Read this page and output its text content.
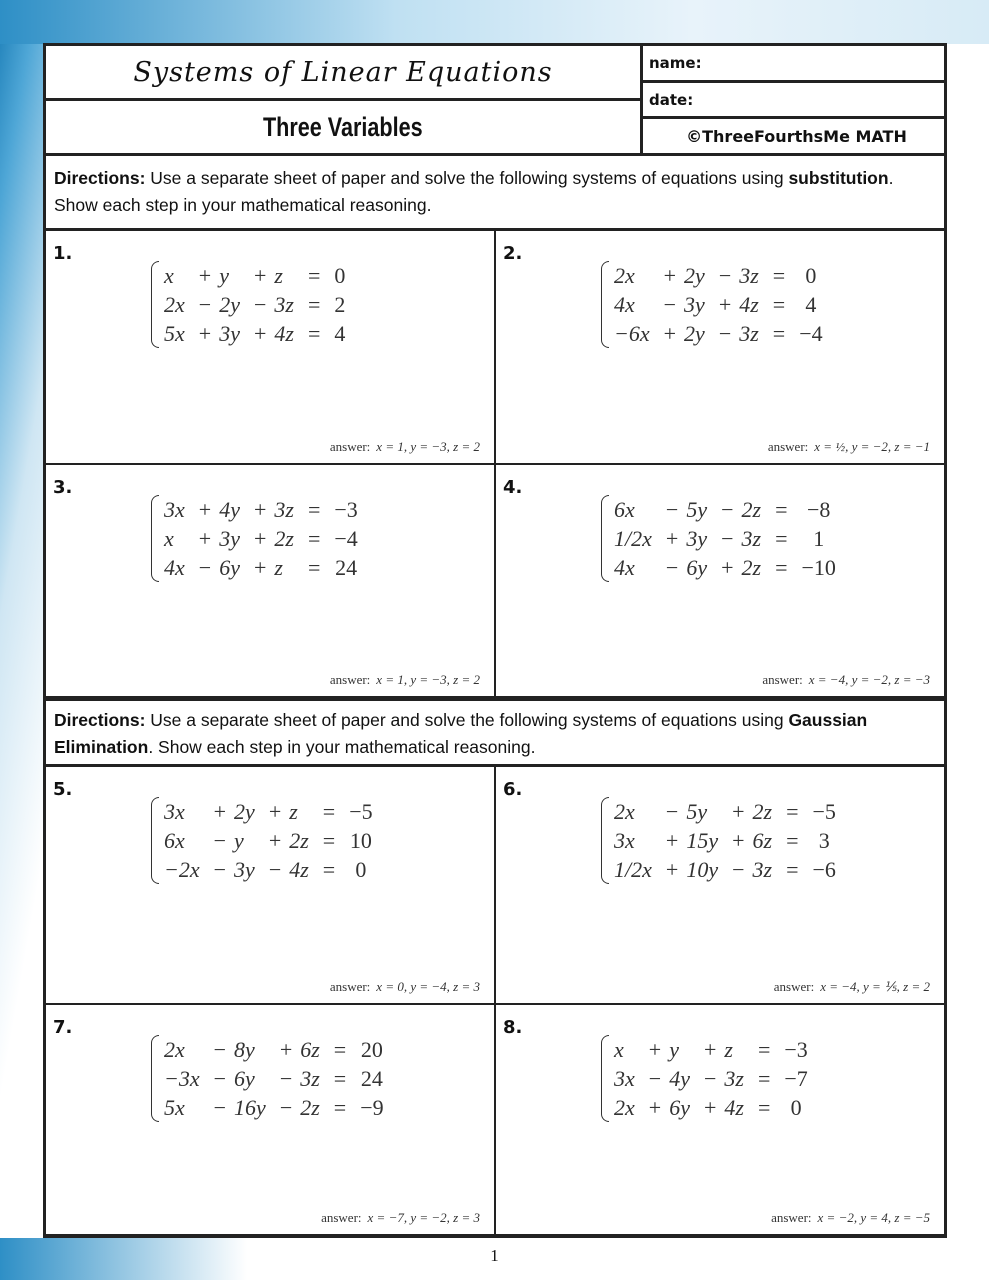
Systems of Linear Equations
Three Variables
name:
date:
©ThreeFourthsMe MATH
Directions: Use a separate sheet of paper and solve the following systems of equations using substitution. Show each step in your mathematical reasoning.
1.
x	+	y	+	z	=	0
2x	−	2y	−	3z	=	2
5x	+	3y	+	4z	=	4
answer: x = 1, y = −3, z = 2
2.
2x	+	2y	−	3z	=	0
4x	−	3y	+	4z	=	4
−6x	+	2y	−	3z	=	−4
answer: x = ½, y = −2, z = −1
3.
3x	+	4y	+	3z	=	−3
x	+	3y	+	2z	=	−4
4x	−	6y	+	z	=	24
answer: x = 1, y = −3, z = 2
4.
6x	−	5y	−	2z	=	−8
1/2x	+	3y	−	3z	=	1
4x	−	6y	+	2z	=	−10
answer: x = −4, y = −2, z = −3
Directions: Use a separate sheet of paper and solve the following systems of equations using Gaussian Elimination. Show each step in your mathematical reasoning.
5.
3x	+	2y	+	z	=	−5
6x	−	y	+	2z	=	10
−2x	−	3y	−	4z	=	0
answer: x = 0, y = −4, z = 3
6.
2x	−	5y	+	2z	=	−5
3x	+	15y	+	6z	=	3
1/2x	+	10y	−	3z	=	−6
answer: x = −4, y = ⅕, z = 2
7.
2x	−	8y	+	6z	=	20
−3x	−	6y	−	3z	=	24
5x	−	16y	−	2z	=	−9
answer: x = −7, y = −2, z = 3
8.
x	+	y	+	z	=	−3
3x	−	4y	−	3z	=	−7
2x	+	6y	+	4z	=	0
answer: x = −2, y = 4, z = −5
1
